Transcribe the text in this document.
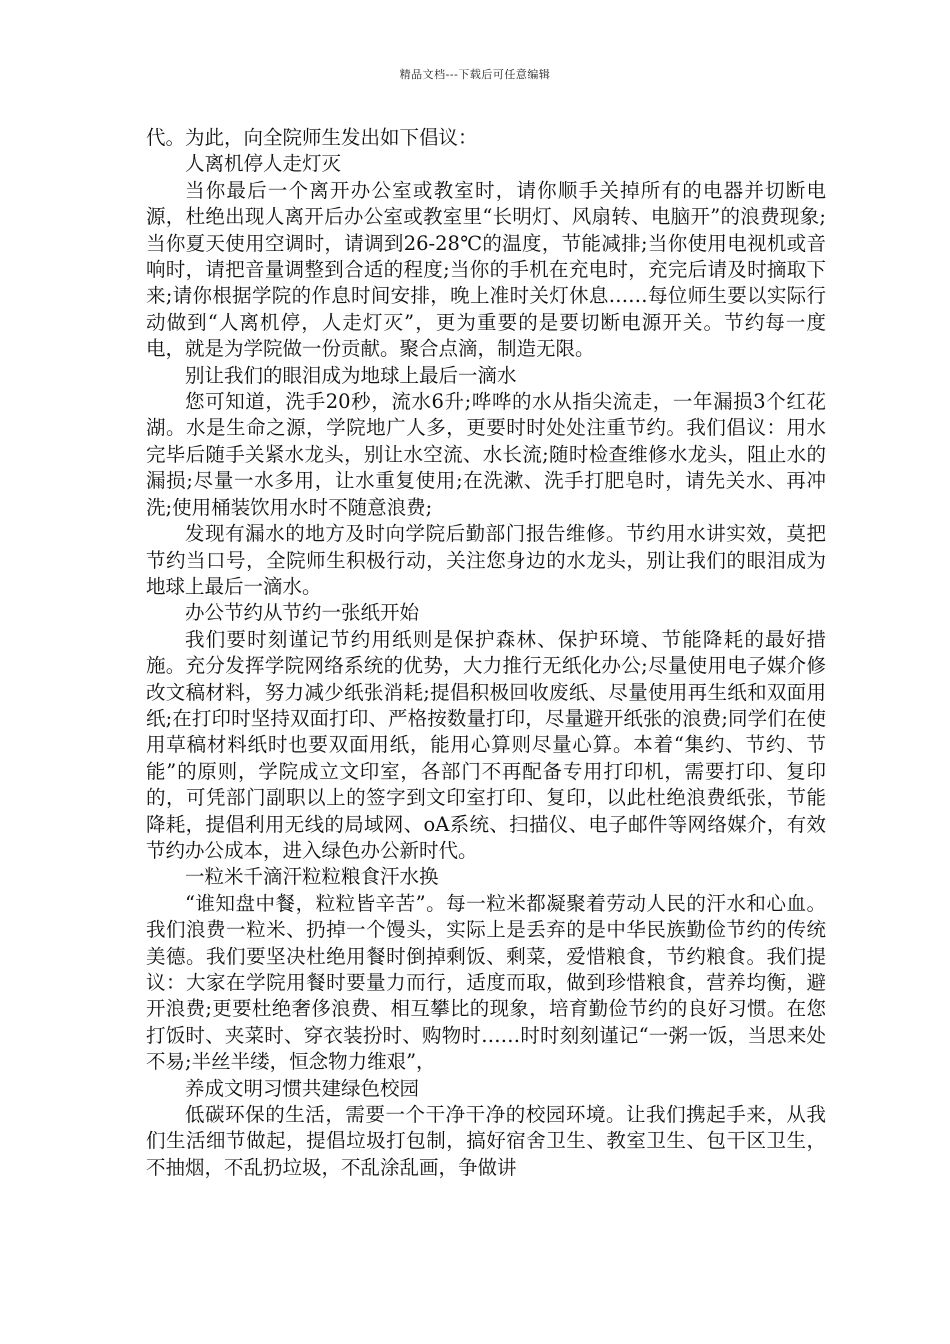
精品文档---下载后可任意编辑

代。为此，向全院师生发出如下倡议：

人离机停人走灯灭

当你最后一个离开办公室或教室时，请你顺手关掉所有的电器并切断电源，杜绝出现人离开后办公室或教室里“长明灯、风扇转、电脑开”的浪费现象;当你夏天使用空调时，请调到26-28℃的温度，节能减排;当你使用电视机或音响时，请把音量调整到合适的程度;当你的手机在充电时，充完后请及时摘取下来;请你根据学院的作息时间安排，晚上准时关灯休息……每位师生要以实际行动做到“人离机停，人走灯灭”，更为重要的是要切断电源开关。节约每一度电，就是为学院做一份贡献。聚合点滴，制造无限。

别让我们的眼泪成为地球上最后一滴水

您可知道，洗手20秒，流水6升;哗哗的水从指尖流走，一年漏损3个红花湖。水是生命之源，学院地广人多，更要时时处处注重节约。我们倡议：用水完毕后随手关紧水龙头，别让水空流、水长流;随时检查维修水龙头，阻止水的漏损;尽量一水多用，让水重复使用;在洗漱、洗手打肥皂时，请先关水、再冲洗;使用桶装饮用水时不随意浪费;

发现有漏水的地方及时向学院后勤部门报告维修。节约用水讲实效，莫把节约当口号，全院师生积极行动，关注您身边的水龙头，别让我们的眼泪成为地球上最后一滴水。

办公节约从节约一张纸开始

我们要时刻谨记节约用纸则是保护森林、保护环境、节能降耗的最好措施。充分发挥学院网络系统的优势，大力推行无纸化办公;尽量使用电子媒介修改文稿材料，努力减少纸张消耗;提倡积极回收废纸、尽量使用再生纸和双面用纸;在打印时坚持双面打印、严格按数量打印，尽量避开纸张的浪费;同学们在使用草稿材料纸时也要双面用纸，能用心算则尽量心算。本着“集约、节约、节能”的原则，学院成立文印室，各部门不再配备专用打印机，需要打印、复印的，可凭部门副职以上的签字到文印室打印、复印，以此杜绝浪费纸张，节能降耗，提倡利用无线的局域网、oA系统、扫描仪、电子邮件等网络媒介，有效节约办公成本，进入绿色办公新时代。

一粒米千滴汗粒粒粮食汗水换

“谁知盘中餐，粒粒皆辛苦”。每一粒米都凝聚着劳动人民的汗水和心血。我们浪费一粒米、扔掉一个馒头，实际上是丢弃的是中华民族勤俭节约的传统美德。我们要坚决杜绝用餐时倒掉剩饭、剩菜，爱惜粮食，节约粮食。我们提议：大家在学院用餐时要量力而行，适度而取，做到珍惜粮食，营养均衡，避开浪费;更要杜绝奢侈浪费、相互攀比的现象，培育勤俭节约的良好习惯。在您打饭时、夹菜时、穿衣装扮时、购物时……时时刻刻谨记“一粥一饭，当思来处不易;半丝半缕，恒念物力维艰”，

养成文明习惯共建绿色校园

低碳环保的生活，需要一个干净干净的校园环境。让我们携起手来，从我们生活细节做起，提倡垃圾打包制，搞好宿舍卫生、教室卫生、包干区卫生，不抽烟，不乱扔垃圾，不乱涂乱画，争做讲
